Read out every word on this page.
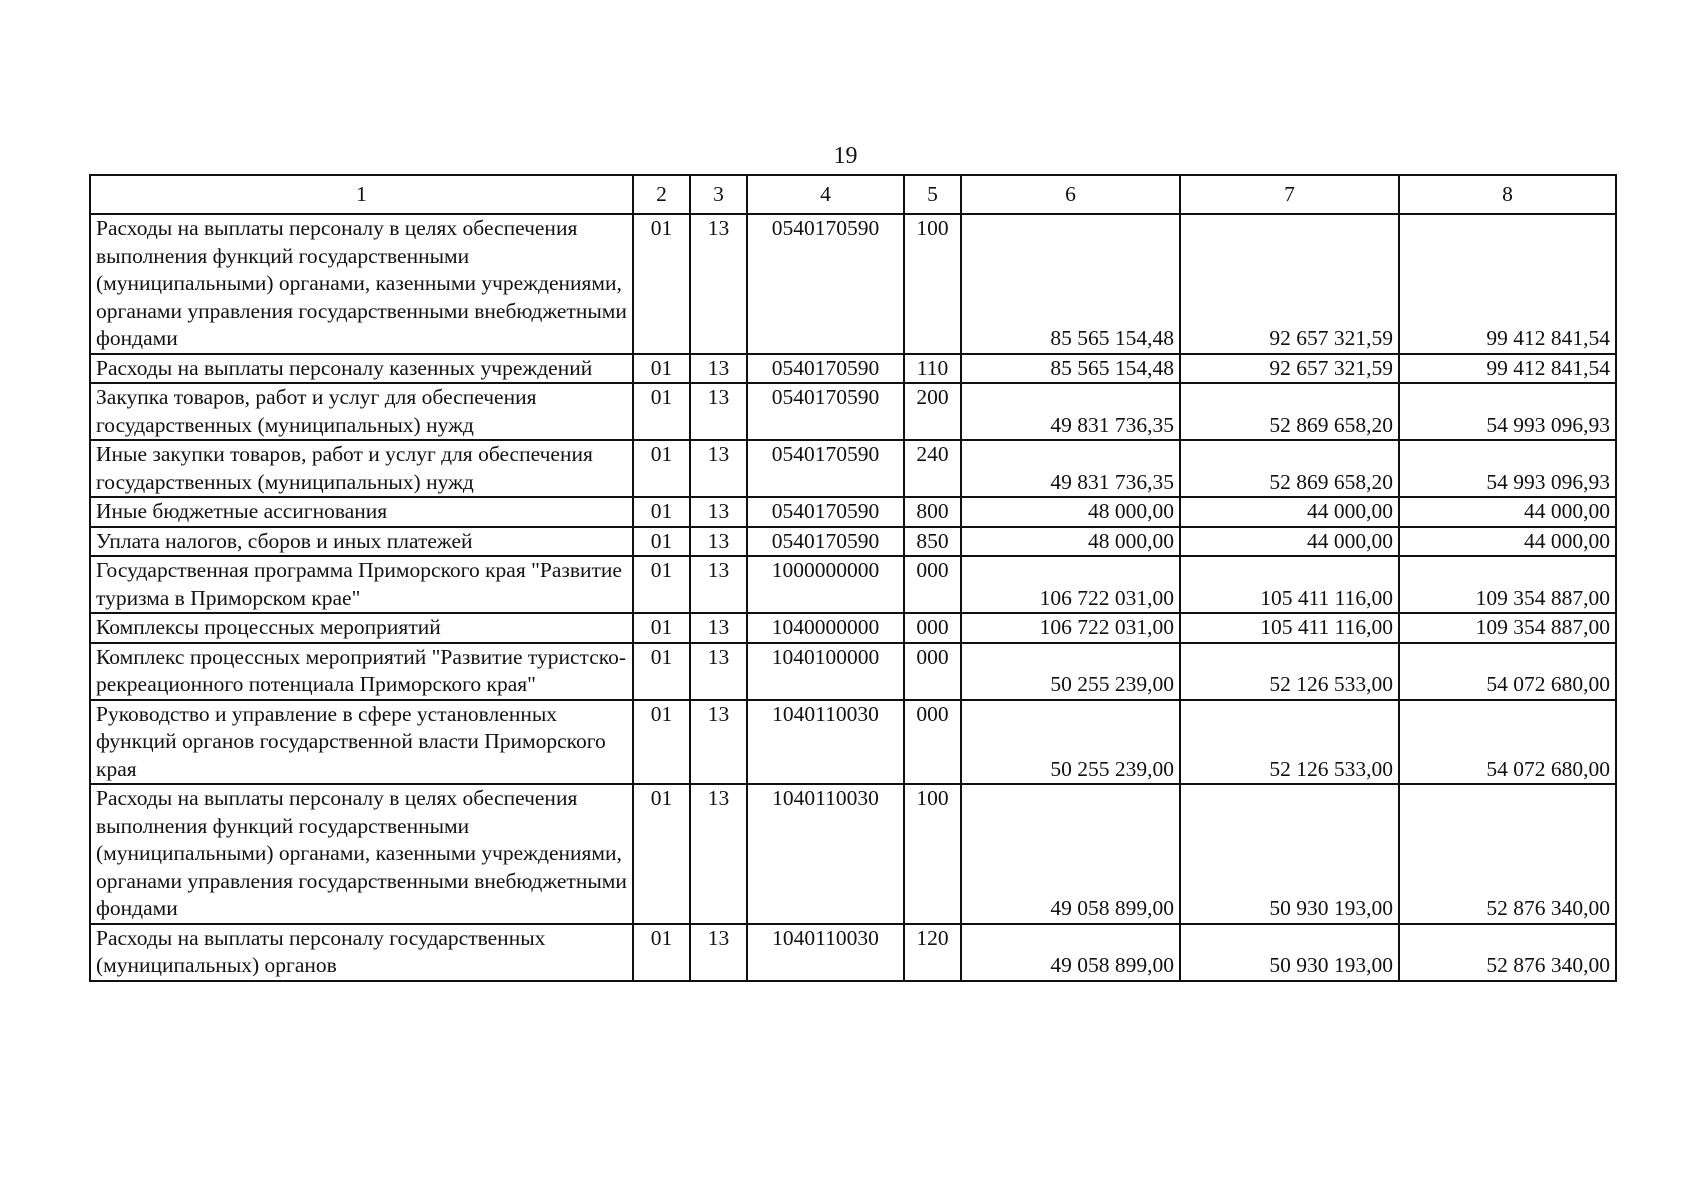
19
1	2	3	4	5	6	7	8
Расходы на выплаты персоналу в целях обеспечения выполнения функций государственными (муниципальными) органами, казенными учреждениями, органами управления государственными внебюджетными фондами	01	13	0540170590	100	85 565 154,48	92 657 321,59	99 412 841,54
Расходы на выплаты персоналу казенных учреждений	01	13	0540170590	110	85 565 154,48	92 657 321,59	99 412 841,54
Закупка товаров, работ и услуг для обеспечения государственных (муниципальных) нужд	01	13	0540170590	200	49 831 736,35	52 869 658,20	54 993 096,93
Иные закупки товаров, работ и услуг для обеспечения государственных (муниципальных) нужд	01	13	0540170590	240	49 831 736,35	52 869 658,20	54 993 096,93
Иные бюджетные ассигнования	01	13	0540170590	800	48 000,00	44 000,00	44 000,00
Уплата налогов, сборов и иных платежей	01	13	0540170590	850	48 000,00	44 000,00	44 000,00
Государственная программа Приморского края "Развитие туризма в Приморском крае"	01	13	1000000000	000	106 722 031,00	105 411 116,00	109 354 887,00
Комплексы процессных мероприятий	01	13	1040000000	000	106 722 031,00	105 411 116,00	109 354 887,00
Комплекс процессных мероприятий "Развитие туристско-рекреационного потенциала Приморского края"	01	13	1040100000	000	50 255 239,00	52 126 533,00	54 072 680,00
Руководство и управление в сфере установленных функций органов государственной власти Приморского края	01	13	1040110030	000	50 255 239,00	52 126 533,00	54 072 680,00
Расходы на выплаты персоналу в целях обеспечения выполнения функций государственными (муниципальными) органами, казенными учреждениями, органами управления государственными внебюджетными фондами	01	13	1040110030	100	49 058 899,00	50 930 193,00	52 876 340,00
Расходы на выплаты персоналу государственных (муниципальных) органов	01	13	1040110030	120	49 058 899,00	50 930 193,00	52 876 340,00
